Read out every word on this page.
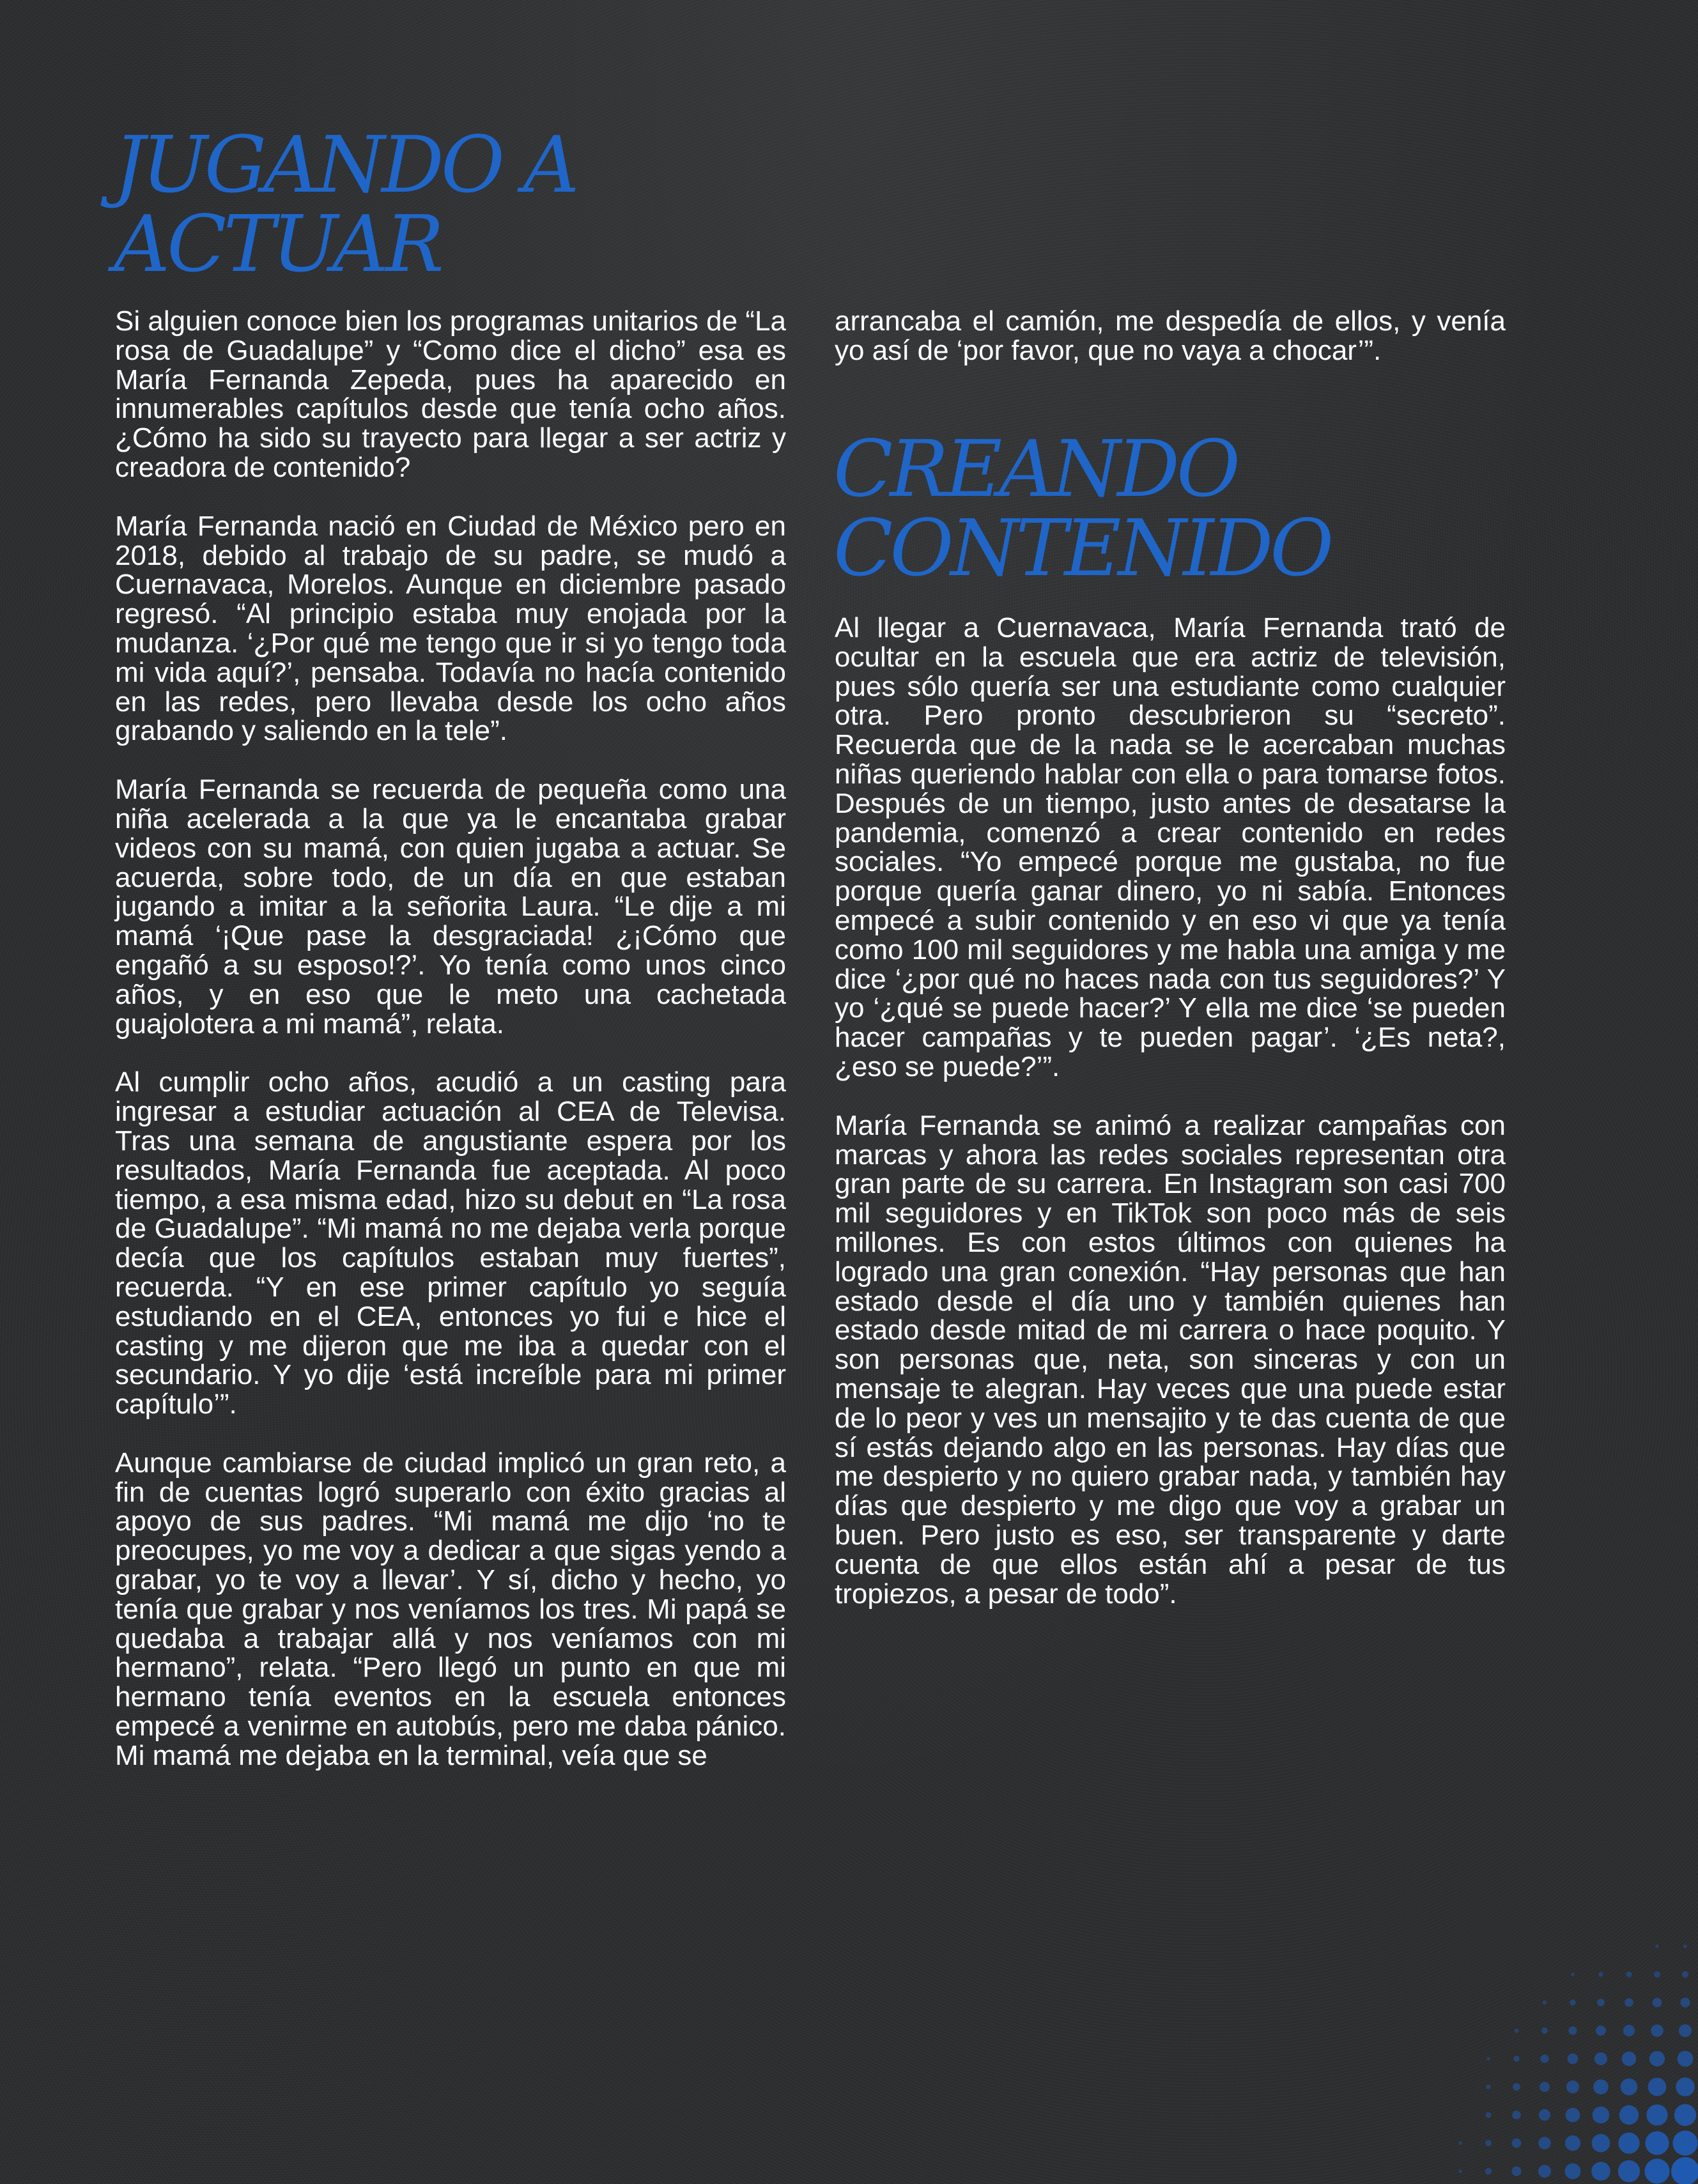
JUGANDO A
ACTUAR

Si alguien conoce bien los programas unitarios de “La rosa de Guadalupe” y “Como dice el dicho” esa es María Fernanda Zepeda, pues ha aparecido en innumerables capítulos desde que tenía ocho años. ¿Cómo ha sido su trayecto para llegar a ser actriz y creadora de contenido?

María Fernanda nació en Ciudad de México pero en 2018, debido al trabajo de su padre, se mudó a Cuernavaca, Morelos. Aunque en diciembre pasado regresó. “Al principio estaba muy enojada por la mudanza. ‘¿Por qué me tengo que ir si yo tengo toda mi vida aquí?’, pensaba. Todavía no hacía contenido en las redes, pero llevaba desde los ocho años grabando y saliendo en la tele”.

María Fernanda se recuerda de pequeña como una niña acelerada a la que ya le encantaba grabar videos con su mamá, con quien jugaba a actuar. Se acuerda, sobre todo, de un día en que estaban jugando a imitar a la señorita Laura. “Le dije a mi mamá ‘¡Que pase la desgraciada! ¿¡Cómo que engañó a su esposo!?’. Yo tenía como unos cinco años, y en eso que le meto una cachetada guajolotera a mi mamá”, relata.

Al cumplir ocho años, acudió a un casting para ingresar a estudiar actuación al CEA de Televisa. Tras una semana de angustiante espera por los resultados, María Fernanda fue aceptada. Al poco tiempo, a esa misma edad, hizo su debut en “La rosa de Guadalupe”. “Mi mamá no me dejaba verla porque decía que los capítulos estaban muy fuertes”, recuerda. “Y en ese primer capítulo yo seguía estudiando en el CEA, entonces yo fui e hice el casting y me dijeron que me iba a quedar con el secundario. Y yo dije ‘está increíble para mi primer capítulo’”.

Aunque cambiarse de ciudad implicó un gran reto, a fin de cuentas logró superarlo con éxito gracias al apoyo de sus padres. “Mi mamá me dijo ‘no te preocupes, yo me voy a dedicar a que sigas yendo a grabar, yo te voy a llevar’. Y sí, dicho y hecho, yo tenía que grabar y nos veníamos los tres. Mi papá se quedaba a trabajar allá y nos veníamos con mi hermano”, relata. “Pero llegó un punto en que mi hermano tenía eventos en la escuela entonces empecé a venirme en autobús, pero me daba pánico. Mi mamá me dejaba en la terminal, veía que se

arrancaba el camión, me despedía de ellos, y venía yo así de ‘por favor, que no vaya a chocar’”.

CREANDO
CONTENIDO

Al llegar a Cuernavaca, María Fernanda trató de ocultar en la escuela que era actriz de televisión, pues sólo quería ser una estudiante como cualquier otra. Pero pronto descubrieron su “secreto”. Recuerda que de la nada se le acercaban muchas niñas queriendo hablar con ella o para tomarse fotos. Después de un tiempo, justo antes de desatarse la pandemia, comenzó a crear contenido en redes sociales. “Yo empecé porque me gustaba, no fue porque quería ganar dinero, yo ni sabía. Entonces empecé a subir contenido y en eso vi que ya tenía como 100 mil seguidores y me habla una amiga y me dice ‘¿por qué no haces nada con tus seguidores?’ Y yo ‘¿qué se puede hacer?’ Y ella me dice ‘se pueden hacer campañas y te pueden pagar’. ‘¿Es neta?, ¿eso se puede?’”.

María Fernanda se animó a realizar campañas con marcas y ahora las redes sociales representan otra gran parte de su carrera. En Instagram son casi 700 mil seguidores y en TikTok son poco más de seis millones. Es con estos últimos con quienes ha logrado una gran conexión. “Hay personas que han estado desde el día uno y también quienes han estado desde mitad de mi carrera o hace poquito. Y son personas que, neta, son sinceras y con un mensaje te alegran. Hay veces que una puede estar de lo peor y ves un mensajito y te das cuenta de que sí estás dejando algo en las personas. Hay días que me despierto y no quiero grabar nada, y también hay días que despierto y me digo que voy a grabar un buen. Pero justo es eso, ser transparente y darte cuenta de que ellos están ahí a pesar de tus tropiezos, a pesar de todo”.
